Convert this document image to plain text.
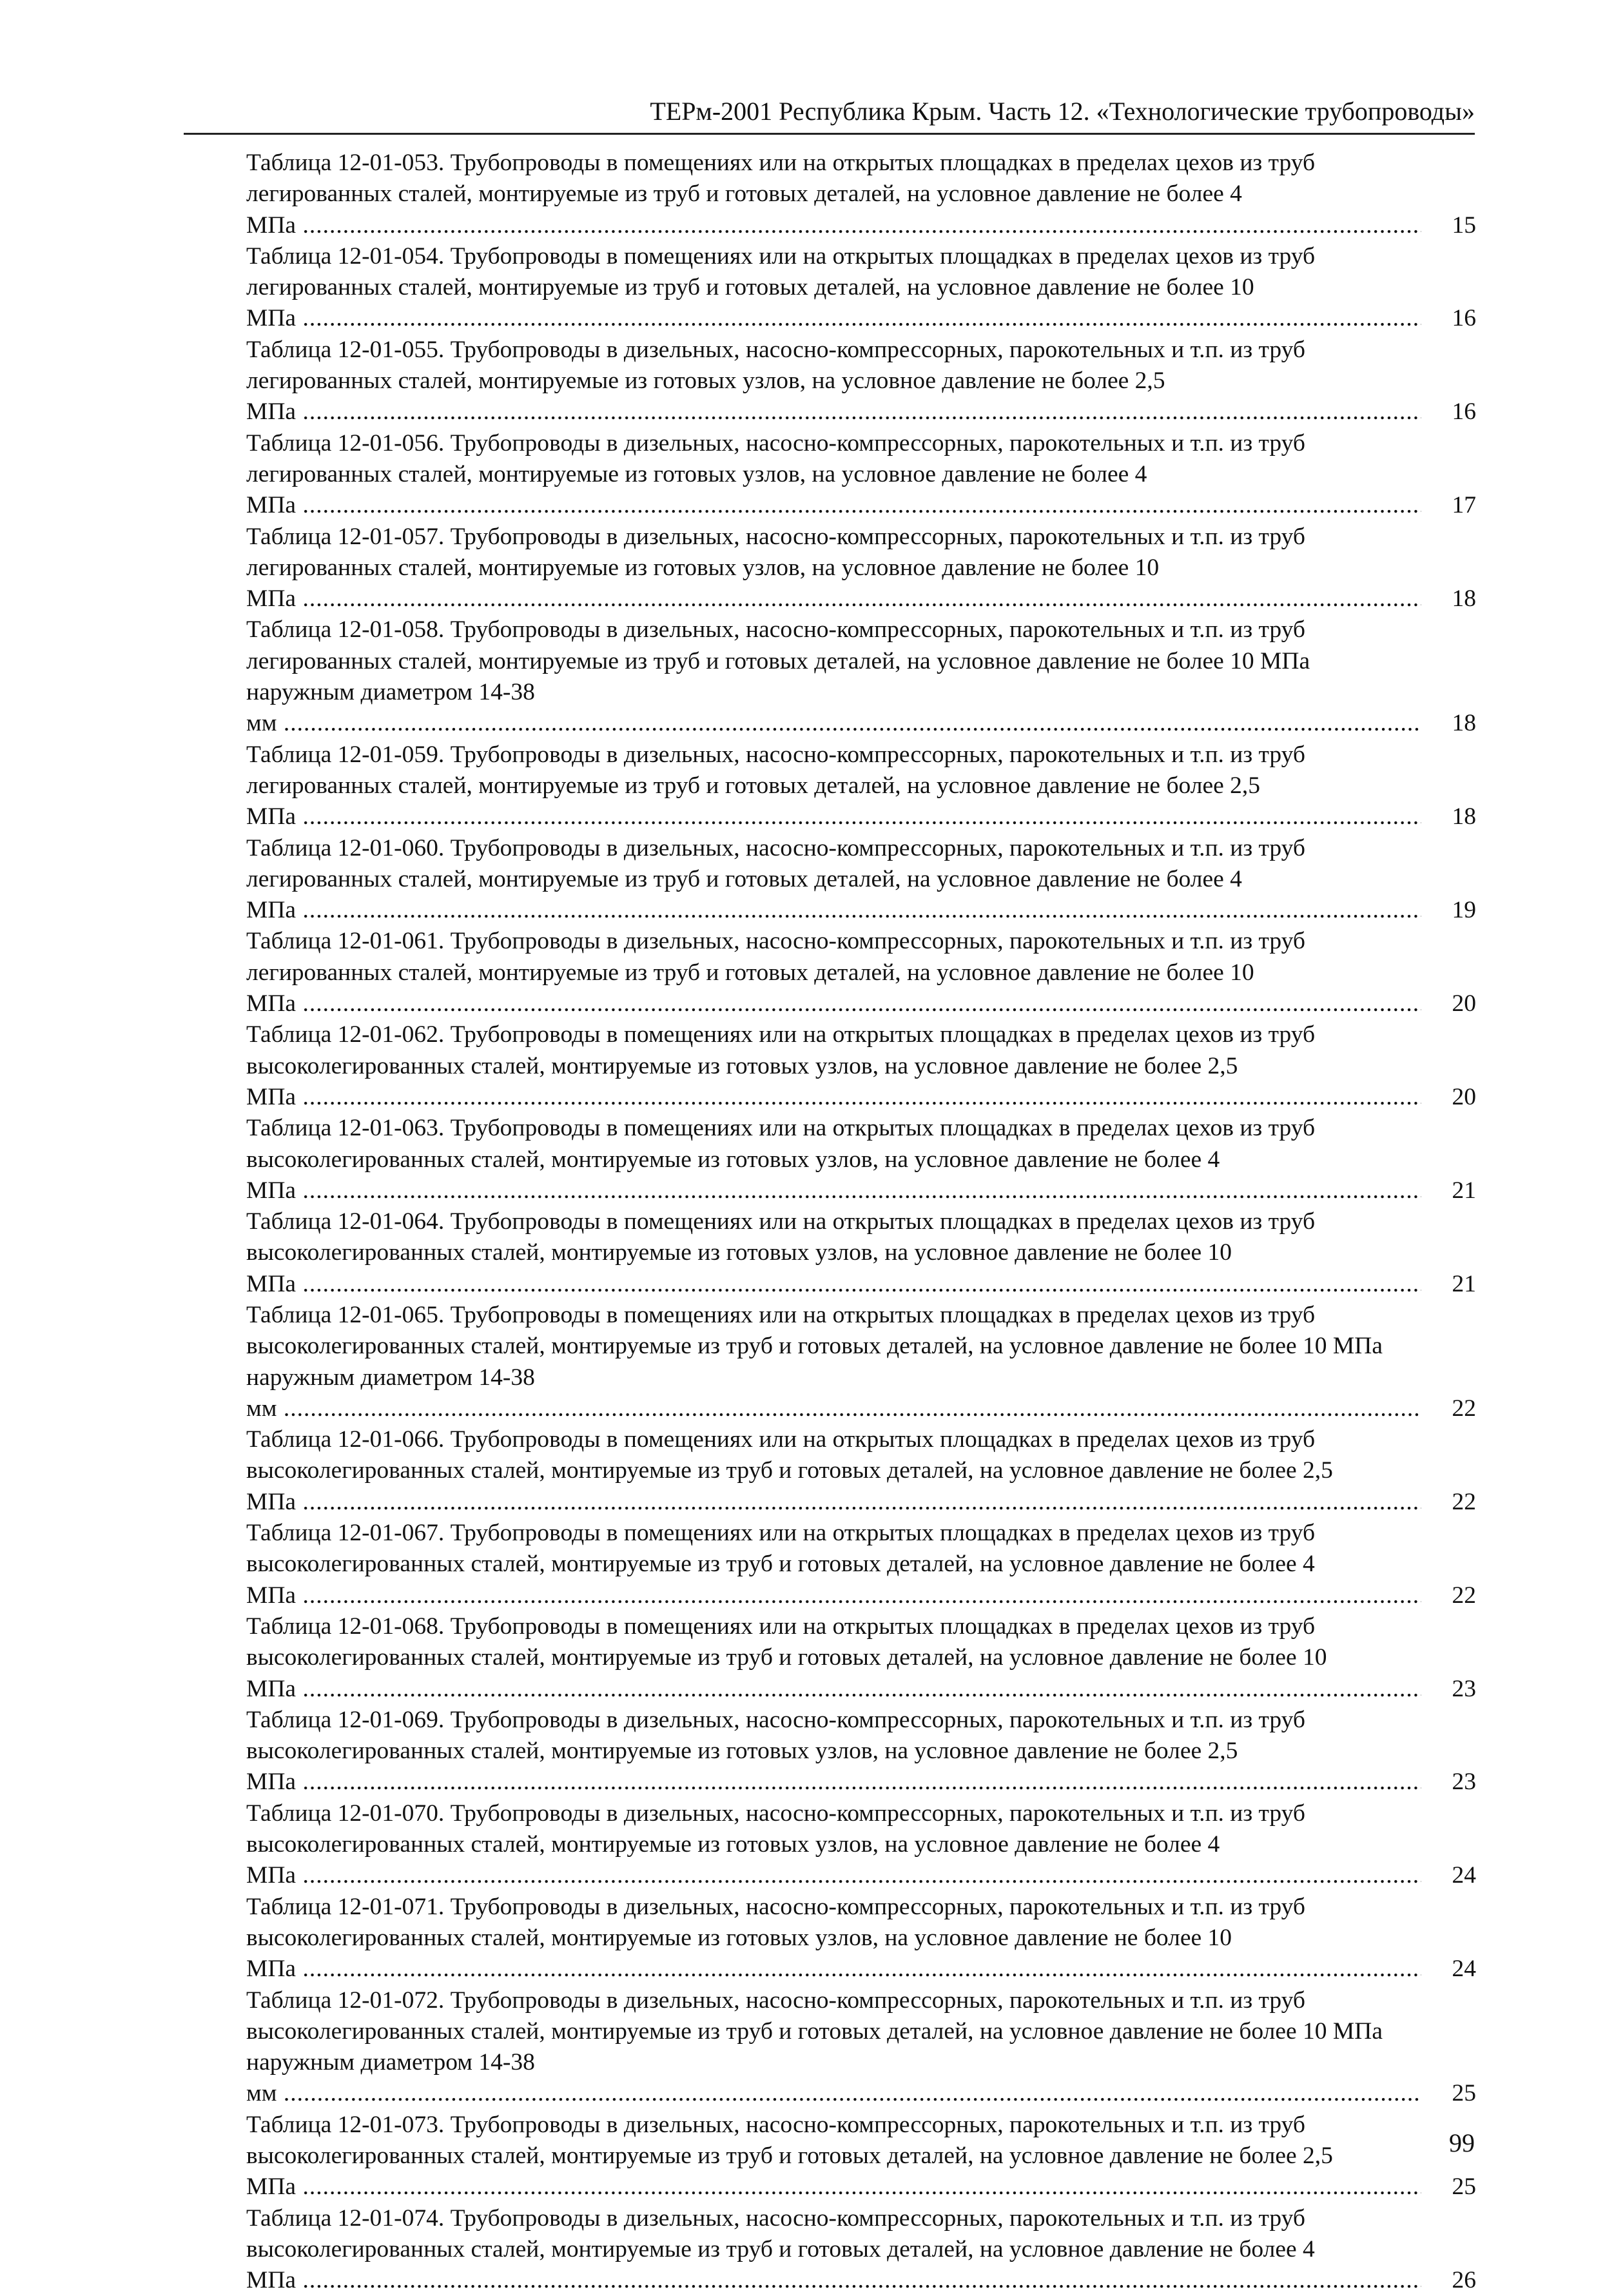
ТЕРм-2001 Республика Крым. Часть 12. «Технологические трубопроводы»
Таблица 12-01-053. Трубопроводы в помещениях или на открытых площадках в пределах цехов из труб легированных сталей, монтируемые из труб и готовых деталей, на условное давление не более 4 МПа .....	15
Таблица 12-01-054. Трубопроводы в помещениях или на открытых площадках в пределах цехов из труб легированных сталей, монтируемые из труб и готовых деталей, на условное давление не более 10 МПа .....	16
Таблица 12-01-055. Трубопроводы в дизельных, насосно-компрессорных, парокотельных и т.п. из труб легированных сталей, монтируемые из готовых узлов, на условное давление не более 2,5 МПа .....	16
Таблица 12-01-056. Трубопроводы в дизельных, насосно-компрессорных, парокотельных и т.п. из труб легированных сталей, монтируемые из готовых узлов, на условное давление не более 4 МПа .....	17
Таблица 12-01-057. Трубопроводы в дизельных, насосно-компрессорных, парокотельных и т.п. из труб легированных сталей, монтируемые из готовых узлов, на условное давление не более 10 МПа .....	18
Таблица 12-01-058. Трубопроводы в дизельных, насосно-компрессорных, парокотельных и т.п. из труб легированных сталей, монтируемые из труб и готовых деталей, на условное давление не более 10 МПа наружным диаметром 14-38 мм .....	18
Таблица 12-01-059. Трубопроводы в дизельных, насосно-компрессорных, парокотельных и т.п. из труб легированных сталей, монтируемые из труб и готовых деталей, на условное давление не более 2,5 МПа .....	18
Таблица 12-01-060. Трубопроводы в дизельных, насосно-компрессорных, парокотельных и т.п. из труб легированных сталей, монтируемые из труб и готовых деталей, на условное давление не более 4 МПа .....	19
Таблица 12-01-061. Трубопроводы в дизельных, насосно-компрессорных, парокотельных и т.п. из труб легированных сталей, монтируемые из труб и готовых деталей, на условное давление не более 10 МПа .....	20
Таблица 12-01-062. Трубопроводы в помещениях или на открытых площадках в пределах цехов из труб высоколегированных сталей, монтируемые из готовых узлов, на условное давление не более 2,5 МПа .....	20
Таблица 12-01-063. Трубопроводы в помещениях или на открытых площадках в пределах цехов из труб высоколегированных сталей, монтируемые из готовых узлов, на условное давление не более 4 МПа .....	21
Таблица 12-01-064. Трубопроводы в помещениях или на открытых площадках в пределах цехов из труб высоколегированных сталей, монтируемые из готовых узлов, на условное давление не более 10 МПа .....	21
Таблица 12-01-065. Трубопроводы в помещениях или на открытых площадках в пределах цехов из труб высоколегированных сталей, монтируемые из труб и готовых деталей, на условное давление не более 10 МПа наружным диаметром 14-38 мм .....	22
Таблица 12-01-066. Трубопроводы в помещениях или на открытых площадках в пределах цехов из труб высоколегированных сталей, монтируемые из труб и готовых деталей, на условное давление не более 2,5 МПа .....	22
Таблица 12-01-067. Трубопроводы в помещениях или на открытых площадках в пределах цехов из труб высоколегированных сталей, монтируемые из труб и готовых деталей, на условное давление не более 4 МПа .....	22
Таблица 12-01-068. Трубопроводы в помещениях или на открытых площадках в пределах цехов из труб высоколегированных сталей, монтируемые из труб и готовых деталей, на условное давление не более 10 МПа .....	23
Таблица 12-01-069. Трубопроводы в дизельных, насосно-компрессорных, парокотельных и т.п. из труб высоколегированных сталей, монтируемые из готовых узлов, на условное давление не более 2,5 МПа .....	23
Таблица 12-01-070. Трубопроводы в дизельных, насосно-компрессорных, парокотельных и т.п. из труб высоколегированных сталей, монтируемые из готовых узлов, на условное давление не более 4 МПа .....	24
Таблица 12-01-071. Трубопроводы в дизельных, насосно-компрессорных, парокотельных и т.п. из труб высоколегированных сталей, монтируемые из готовых узлов, на условное давление не более 10 МПа .....	24
Таблица 12-01-072. Трубопроводы в дизельных, насосно-компрессорных, парокотельных и т.п. из труб высоколегированных сталей, монтируемые из труб и готовых деталей, на условное давление не более 10 МПа наружным диаметром 14-38 мм .....	25
Таблица 12-01-073. Трубопроводы в дизельных, насосно-компрессорных, парокотельных и т.п. из труб высоколегированных сталей, монтируемые из труб и готовых деталей, на условное давление не более 2,5 МПа .....	25
Таблица 12-01-074. Трубопроводы в дизельных, насосно-компрессорных, парокотельных и т.п. из труб высоколегированных сталей, монтируемые из труб и готовых деталей, на условное давление не более 4 МПа .....	26
99
